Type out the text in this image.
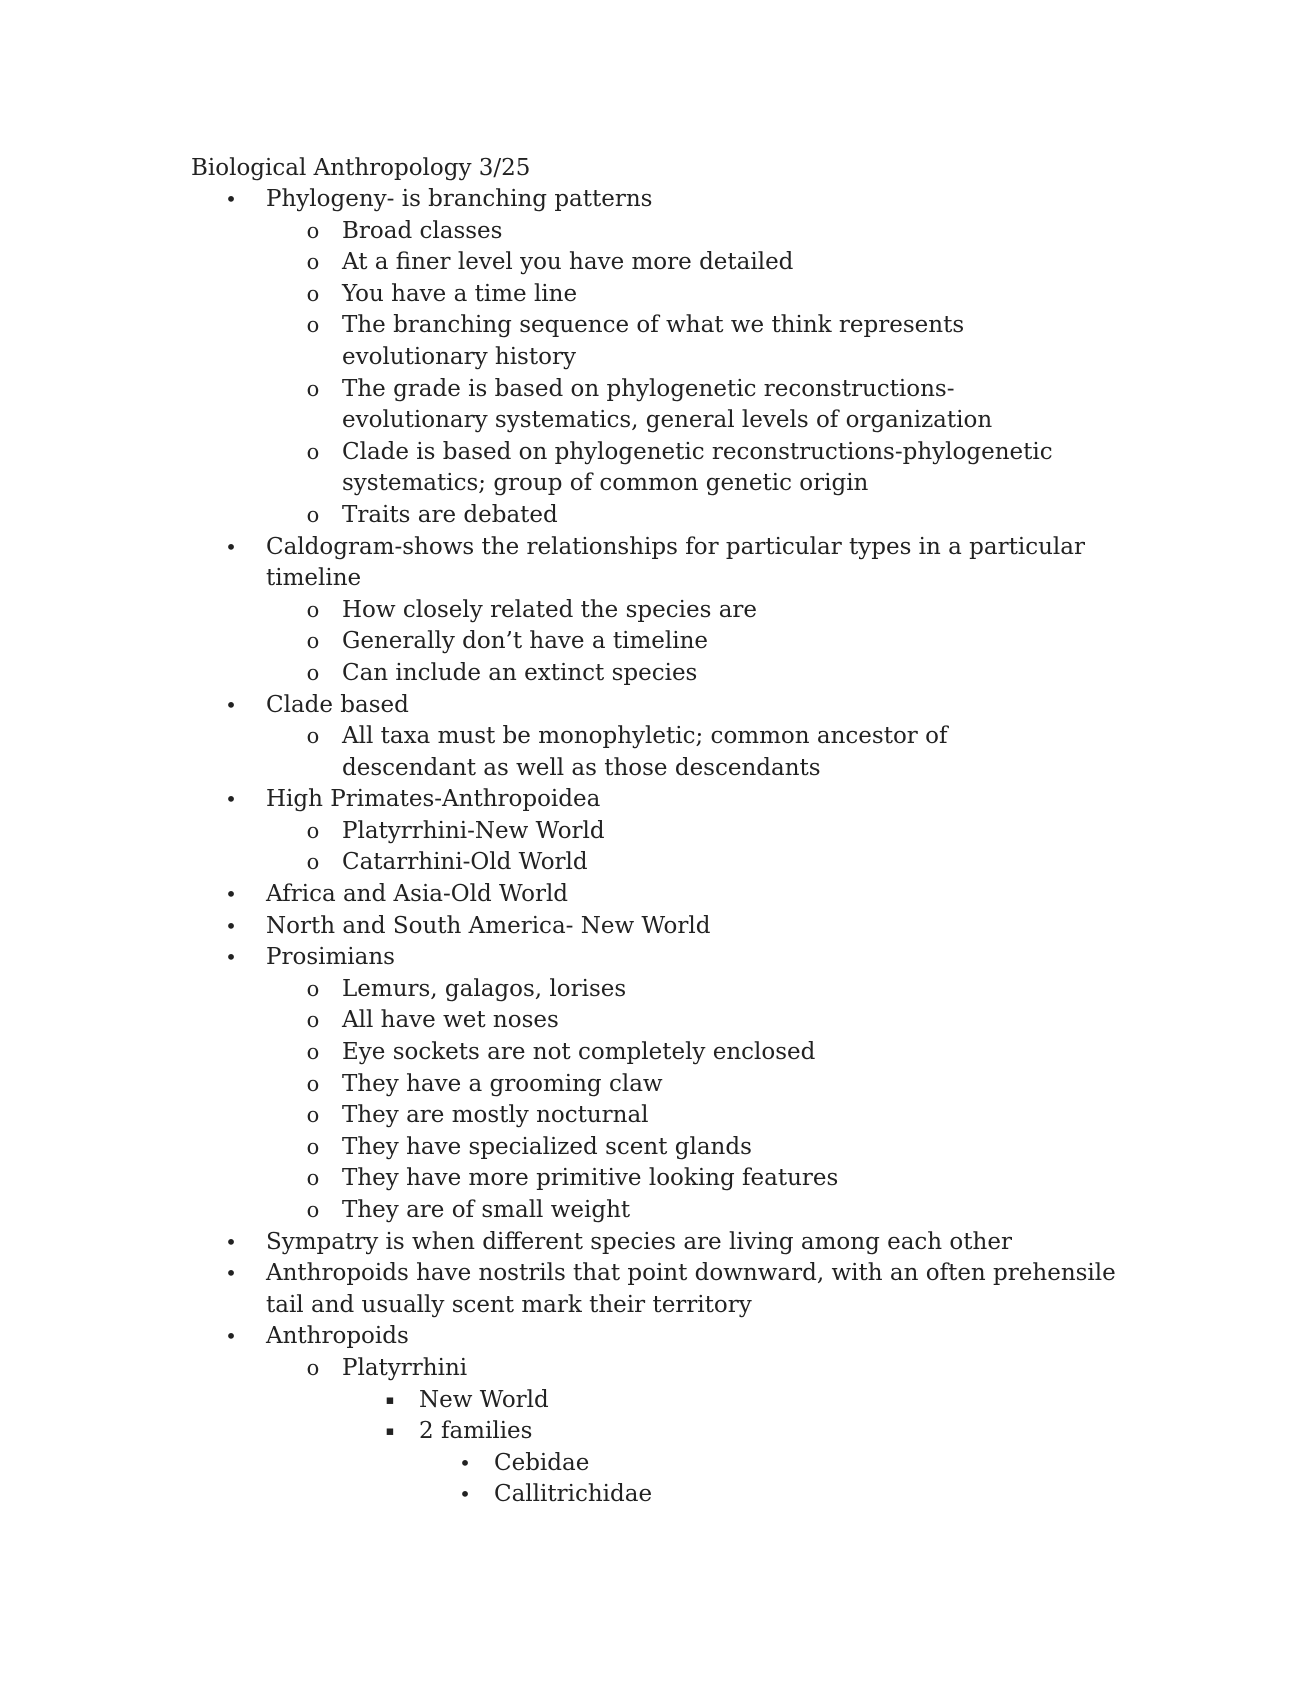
Biological Anthropology 3/25
• Phylogeny- is branching patterns
o Broad classes
o At a finer level you have more detailed
o You have a time line
o The branching sequence of what we think represents evolutionary history
o The grade is based on phylogenetic reconstructions-evolutionary systematics, general levels of organization
o Clade is based on phylogenetic reconstructions-phylogenetic systematics; group of common genetic origin
o Traits are debated
• Caldogram-shows the relationships for particular types in a particular timeline
o How closely related the species are
o Generally don’t have a timeline
o Can include an extinct species
• Clade based
o All taxa must be monophyletic; common ancestor of descendant as well as those descendants
• High Primates-Anthropoidea
o Platyrrhini-New World
o Catarrhini-Old World
• Africa and Asia-Old World
• North and South America- New World
• Prosimians
o Lemurs, galagos, lorises
o All have wet noses
o Eye sockets are not completely enclosed
o They have a grooming claw
o They are mostly nocturnal
o They have specialized scent glands
o They have more primitive looking features
o They are of small weight
• Sympatry is when different species are living among each other
• Anthropoids have nostrils that point downward, with an often prehensile tail and usually scent mark their territory
• Anthropoids
o Platyrrhini
▪ New World
▪ 2 families
• Cebidae
• Callitrichidae
